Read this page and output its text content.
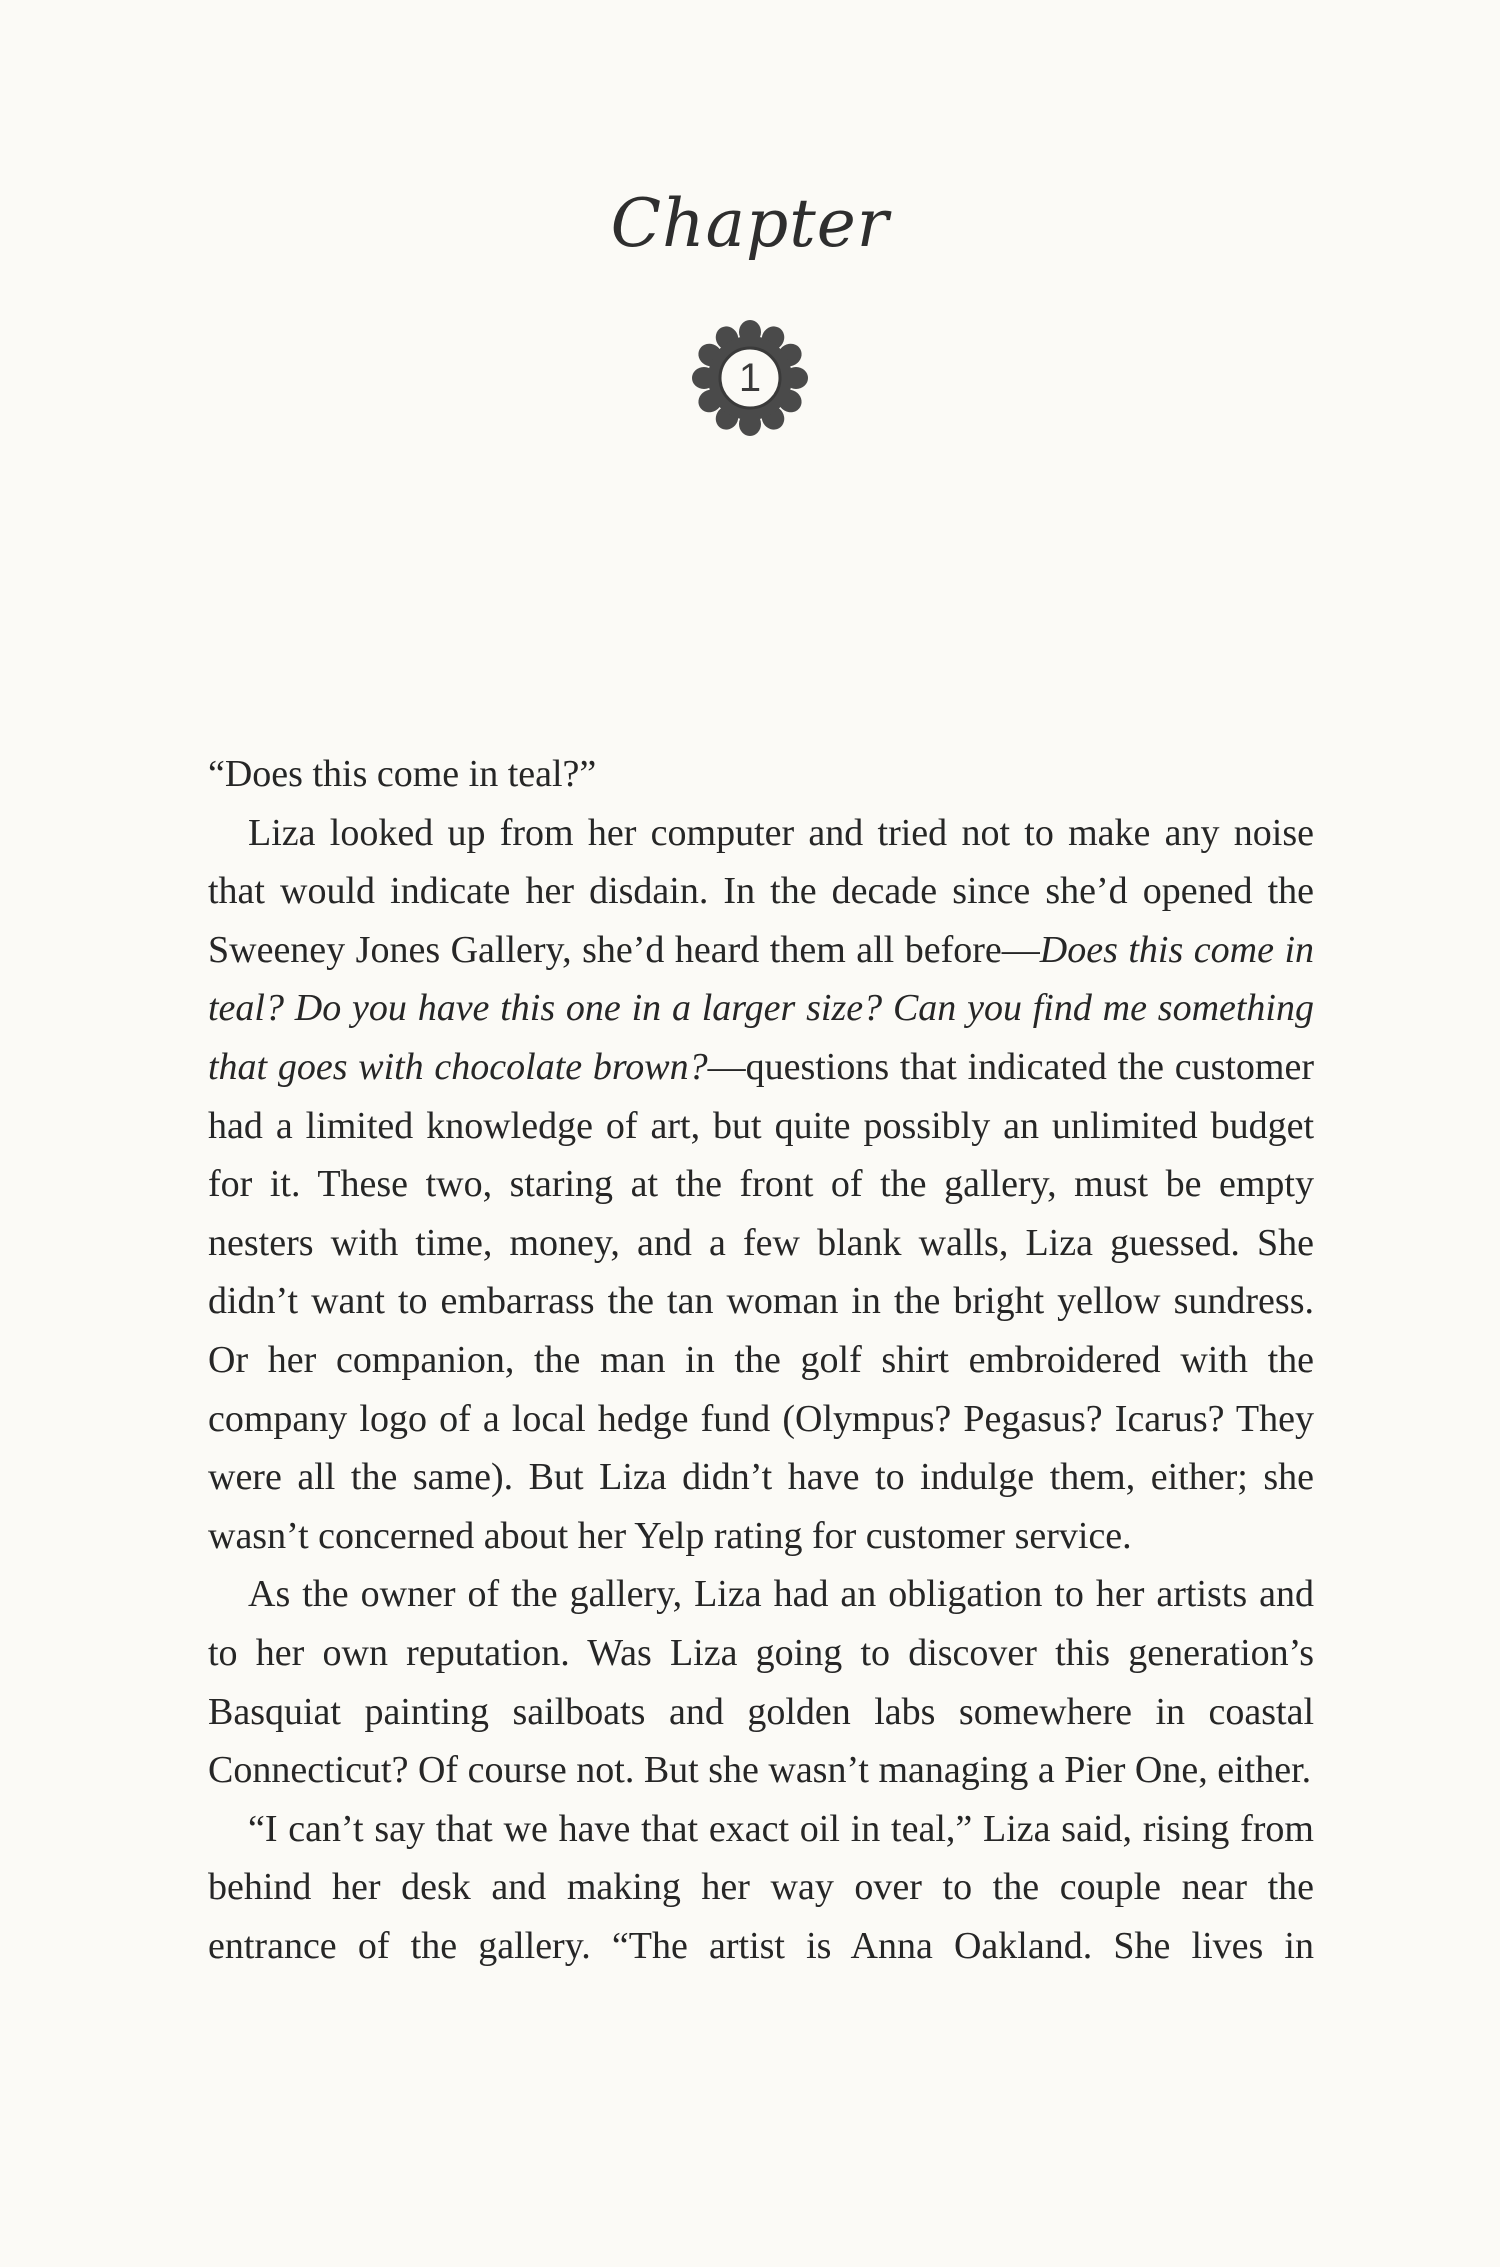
Chapter
1

“Does this come in teal?”

Liza looked up from her computer and tried not to make any noise that would indicate her disdain. In the decade since she’d opened the Sweeney Jones Gallery, she’d heard them all before—Does this come in teal? Do you have this one in a larger size? Can you find me something that goes with chocolate brown?—questions that indicated the customer had a limited knowledge of art, but quite possibly an unlimited budget for it. These two, staring at the front of the gallery, must be empty nesters with time, money, and a few blank walls, Liza guessed. She didn’t want to embarrass the tan woman in the bright yellow sundress. Or her companion, the man in the golf shirt embroidered with the company logo of a local hedge fund (Olympus? Pegasus? Icarus? They were all the same). But Liza didn’t have to indulge them, either; she wasn’t concerned about her Yelp rating for customer service.

As the owner of the gallery, Liza had an obligation to her artists and to her own reputation. Was Liza going to discover this generation’s Basquiat painting sailboats and golden labs somewhere in coastal Connecticut? Of course not. But she wasn’t managing a Pier One, either.

“I can’t say that we have that exact oil in teal,” Liza said, rising from behind her desk and making her way over to the couple near the entrance of the gallery. “The artist is Anna Oakland. She lives in
